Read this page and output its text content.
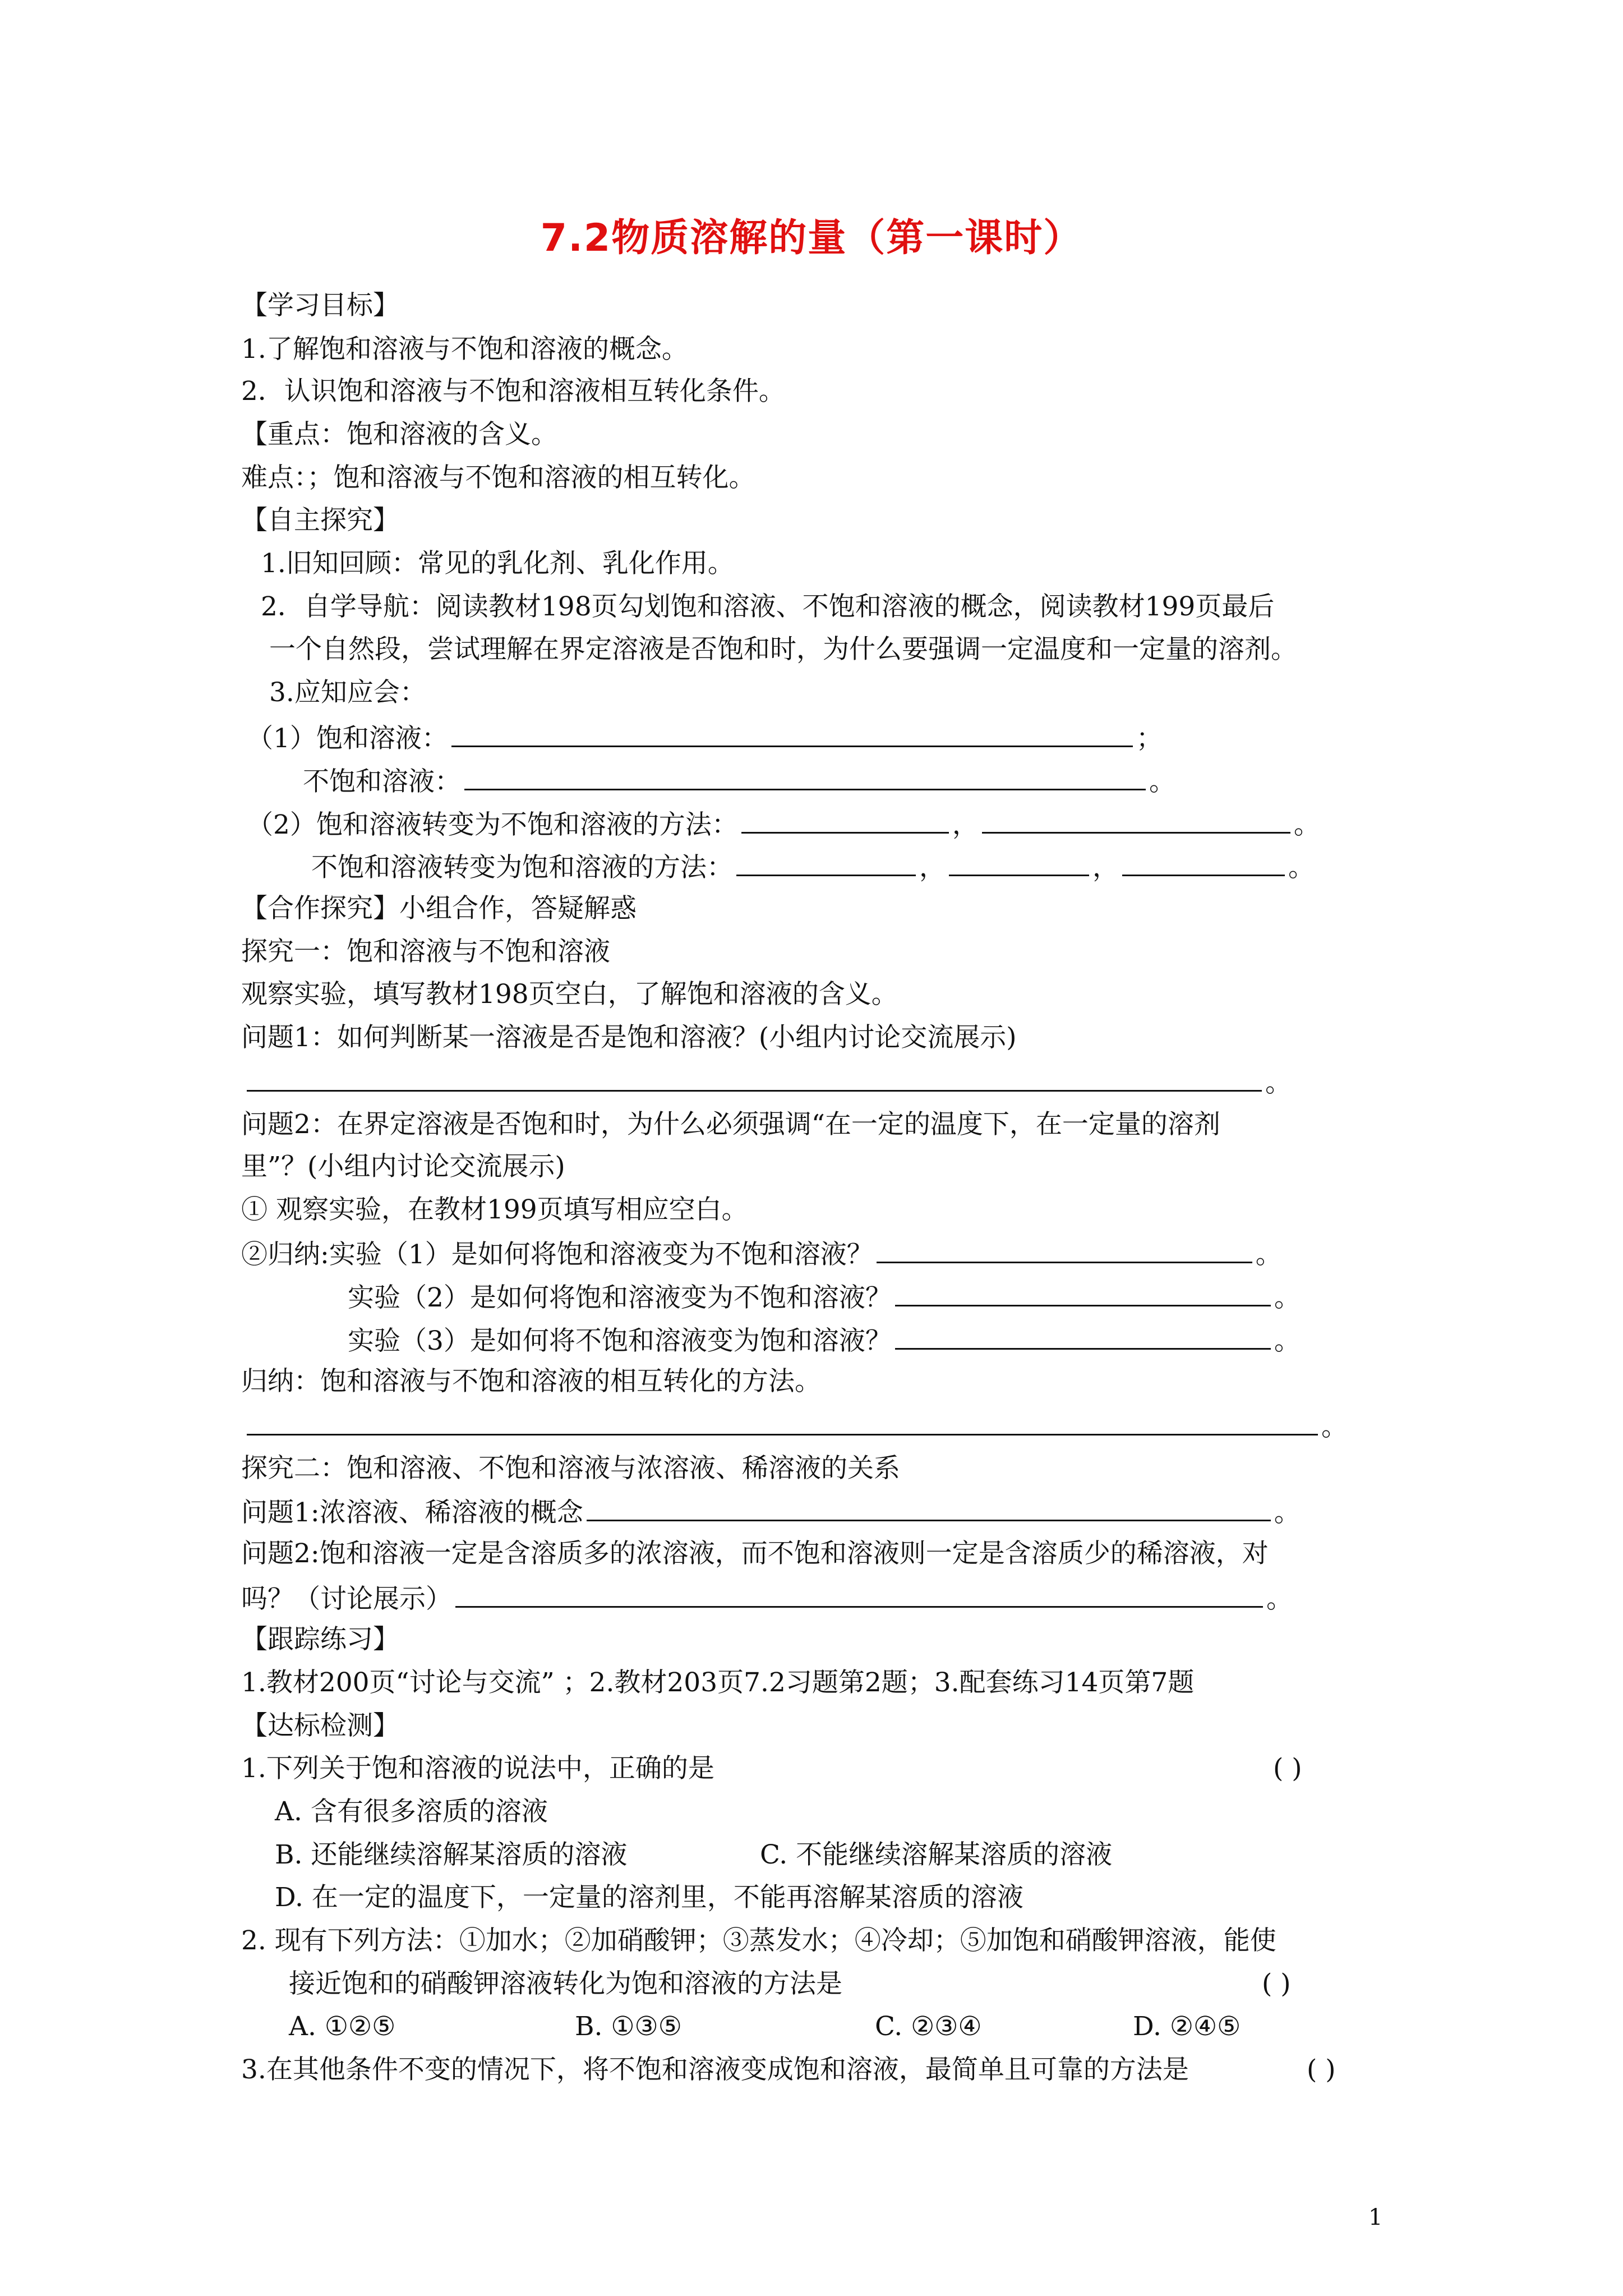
7.2物质溶解的量（第一课时）
【学习目标】
1.了解饱和溶液与不饱和溶液的概念。
2．认识饱和溶液与不饱和溶液相互转化条件。
【重点：饱和溶液的含义。
难点：；饱和溶液与不饱和溶液的相互转化。
【自主探究】
1.旧知回顾：常见的乳化剂、乳化作用。
2．自学导航：阅读教材198页勾划饱和溶液、不饱和溶液的概念，阅读教材199页最后
一个自然段，尝试理解在界定溶液是否饱和时，为什么要强调一定温度和一定量的溶剂。
3.应知应会：
（1）饱和溶液：	；
不饱和溶液：	。
（2）饱和溶液转变为不饱和溶液的方法：	，	。
不饱和溶液转变为饱和溶液的方法：	，	，	。
【合作探究】小组合作，答疑解惑
探究一：饱和溶液与不饱和溶液
观察实验，填写教材198页空白，了解饱和溶液的含义。
问题1：如何判断某一溶液是否是饱和溶液？(小组内讨论交流展示)
。
问题2：在界定溶液是否饱和时，为什么必须强调“在一定的温度下，在一定量的溶剂
里”？(小组内讨论交流展示)
① 观察实验，在教材199页填写相应空白。
②归纳:实验（1）是如何将饱和溶液变为不饱和溶液？	。
实验（2）是如何将饱和溶液变为不饱和溶液？	。
实验（3）是如何将不饱和溶液变为饱和溶液？	。
归纳：饱和溶液与不饱和溶液的相互转化的方法。
。
探究二：饱和溶液、不饱和溶液与浓溶液、稀溶液的关系
问题1:浓溶液、稀溶液的概念	。
问题2:饱和溶液一定是含溶质多的浓溶液，而不饱和溶液则一定是含溶质少的稀溶液，对
吗？（讨论展示）	。
【跟踪练习】
1.教材200页“讨论与交流” ；2.教材203页7.2习题第2题；3.配套练习14页第7题
【达标检测】
1.下列关于饱和溶液的说法中，正确的是	( )
A. 含有很多溶质的溶液
B. 还能继续溶解某溶质的溶液	C. 不能继续溶解某溶质的溶液
D. 在一定的温度下，一定量的溶剂里，不能再溶解某溶质的溶液
2. 现有下列方法：①加水；②加硝酸钾；③蒸发水；④冷却；⑤加饱和硝酸钾溶液，能使
接近饱和的硝酸钾溶液转化为饱和溶液的方法是	( )
A. ①②⑤	B. ①③⑤	C. ②③④	D. ②④⑤
3.在其他条件不变的情况下，将不饱和溶液变成饱和溶液，最简单且可靠的方法是	( )
1
